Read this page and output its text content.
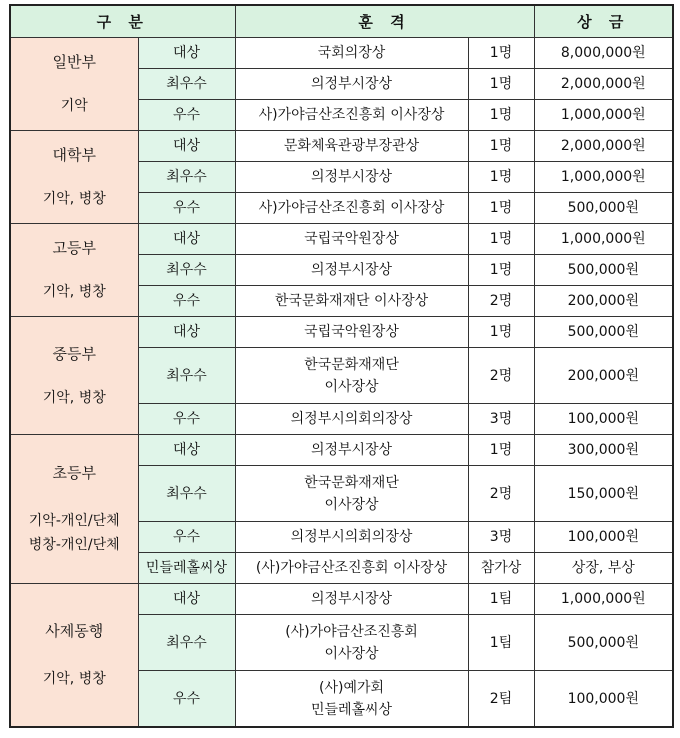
구 분		훈 격		상 금

일반부
기악	대상	국회의장상	1명	8,000,000원
	최우수	의정부시장상	1명	2,000,000원
	우수	사)가야금산조진흥회 이사장상	1명	1,000,000원

대학부
기악, 병창	대상	문화체육관광부장관상	1명	2,000,000원
	최우수	의정부시장상	1명	1,000,000원
	우수	사)가야금산조진흥회 이사장상	1명	500,000원

고등부
기악, 병창	대상	국립국악원장상	1명	1,000,000원
	최우수	의정부시장상	1명	500,000원
	우수	한국문화재재단 이사장상	2명	200,000원

중등부
기악, 병창	대상	국립국악원장상	1명	500,000원
	최우수	한국문화재재단
이사장상	2명	200,000원
	우수	의정부시의회의장상	3명	100,000원

초등부
기악-개인/단체
병창-개인/단체	대상	의정부시장상	1명	300,000원
	최우수	한국문화재재단
이사장상	2명	150,000원
	우수	의정부시의회의장상	3명	100,000원
	민들레홀씨상	(사)가야금산조진흥회 이사장상	참가상	상장, 부상

사제동행
기악, 병창	대상	의정부시장상	1팀	1,000,000원
	최우수	(사)가야금산조진흥회
이사장상	1팀	500,000원
	우수	(사)예가회
민들레홀씨상	2팀	100,000원
